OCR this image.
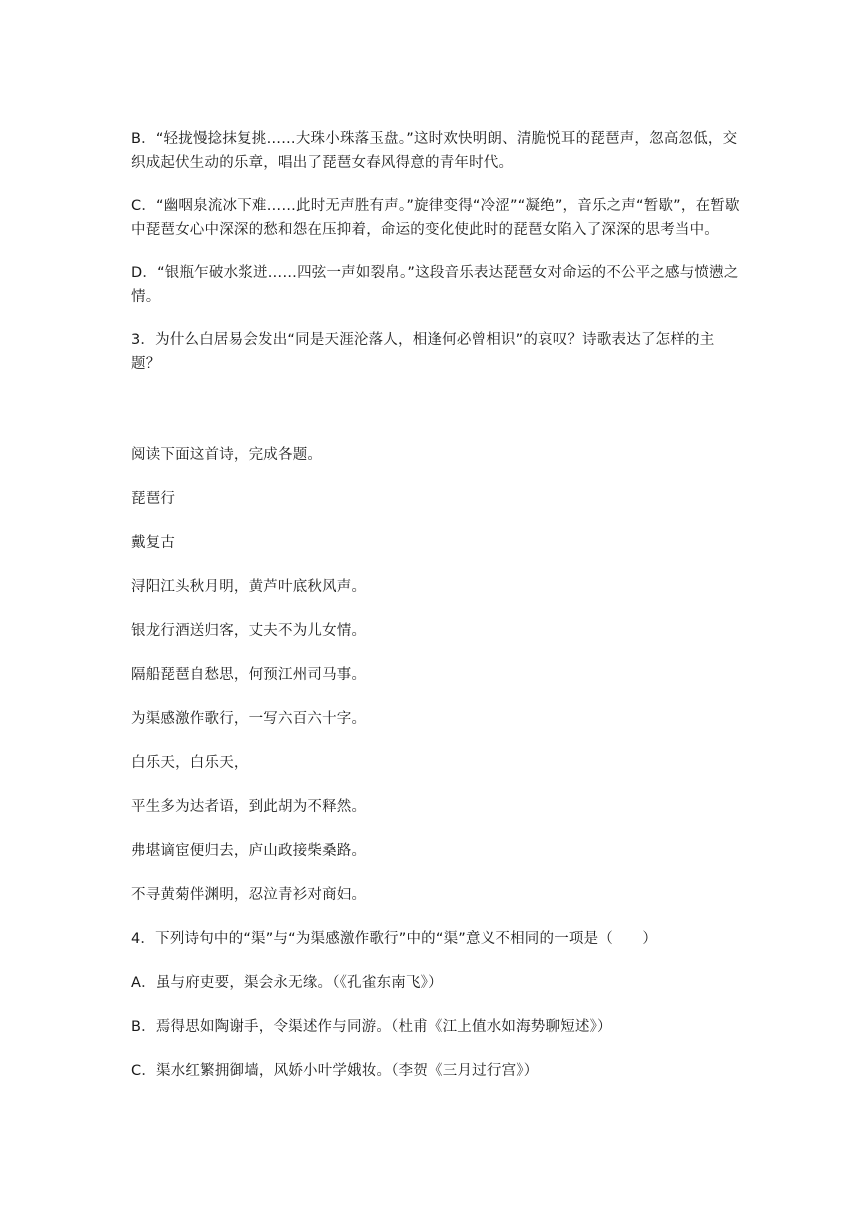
B．“轻拢慢捻抹复挑……大珠小珠落玉盘。”这时欢快明朗、清脆悦耳的琵琶声，忽高忽低，交织成起伏生动的乐章，唱出了琵琶女春风得意的青年时代。

C．“幽咽泉流冰下难……此时无声胜有声。”旋律变得“冷涩”“凝绝”，音乐之声“暂歇”，在暂歇中琵琶女心中深深的愁和怨在压抑着，命运的变化使此时的琵琶女陷入了深深的思考当中。

D．“银瓶乍破水浆迸……四弦一声如裂帛。”这段音乐表达琵琶女对命运的不公平之感与愤懑之情。

3．为什么白居易会发出“同是天涯沦落人，相逢何必曾相识”的哀叹？诗歌表达了怎样的主题？

阅读下面这首诗，完成各题。

琵琶行

戴复古

浔阳江头秋月明，黄芦叶底秋风声。

银龙行酒送归客，丈夫不为儿女情。

隔船琵琶自愁思，何预江州司马事。

为渠感激作歌行，一写六百六十字。

白乐天，白乐天，

平生多为达者语，到此胡为不释然。

弗堪谪宦便归去，庐山政接柴桑路。

不寻黄菊伴渊明，忍泣青衫对商妇。

4．下列诗句中的“渠”与“为渠感激作歌行”中的“渠”意义不相同的一项是（　　）

A．虽与府吏要，渠会永无缘。（《孔雀东南飞》）

B．焉得思如陶谢手，令渠述作与同游。（杜甫《江上值水如海势聊短述》）

C．渠水红繁拥御墙，风娇小叶学娥妆。（李贺《三月过行宫》）
